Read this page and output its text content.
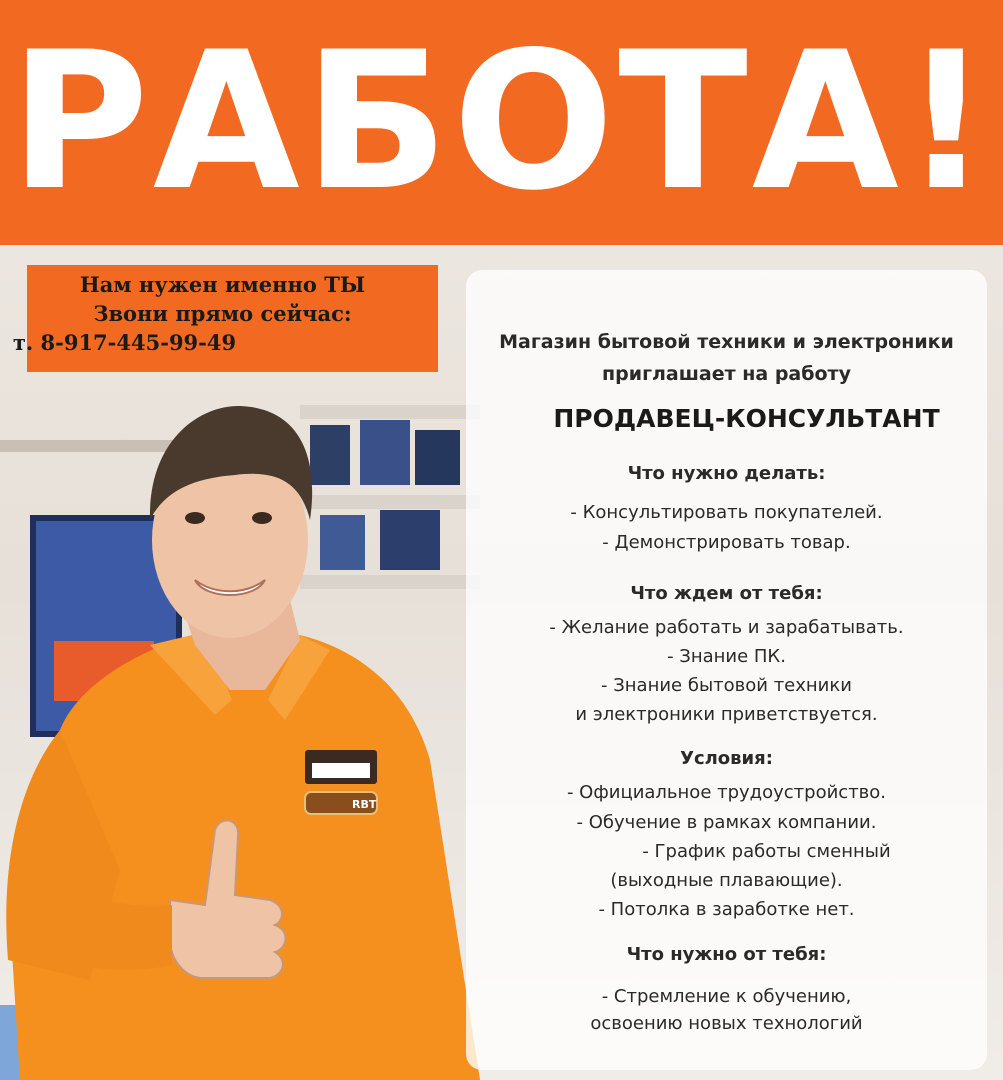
РАБОТА!
Нам нужен именно ТЫ
Звони прямо сейчас:
т. 8-917-445-99-49
RBT
Магазин бытовой техники и электроники
приглашает на работу
ПРОДАВЕЦ-КОНСУЛЬТАНТ
Что нужно делать:
- Консультировать покупателей.
- Демонстрировать товар.
Что ждем от тебя:
- Желание работать и зарабатывать.
- Знание ПК.
- Знание бытовой техники
и электроники приветствуется.
Условия:
- Официальное трудоустройство.
- Обучение в рамках компании.
- График работы сменный
(выходные плавающие).
- Потолка в заработке нет.
Что нужно от тебя:
- Стремление к обучению,
освоению новых технологий
